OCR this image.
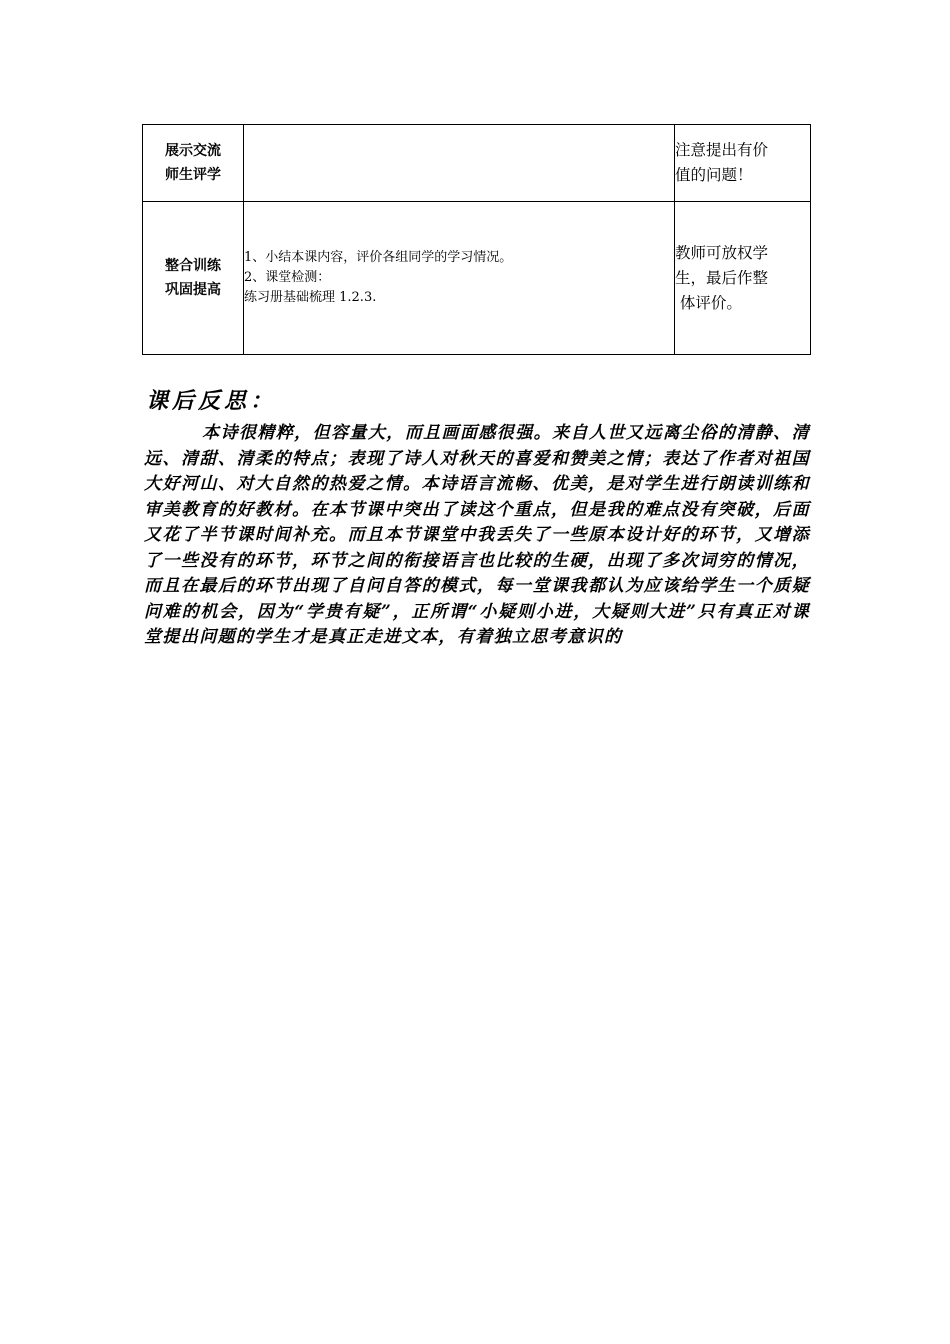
展示交流
师生评学		注意提出有价
值的问题！

整合训练
巩固提高	1、小结本课内容，评价各组同学的学习情况。
2、课堂检测：
练习册基础梳理 1.2.3.	教师可放权学
生，最后作整
体评价。
课后反思：
本诗很精粹，但容量大，而且画面感很强。来自人世又远离尘俗的清静、清远、清甜、清柔的特点；表现了诗人对秋天的喜爱和赞美之情；表达了作者对祖国大好河山、对大自然的热爱之情。本诗语言流畅、优美，是对学生进行朗读训练和审美教育的好教材。在本节课中突出了读这个重点，但是我的难点没有突破，后面又花了半节课时间补充。而且本节课堂中我丢失了一些原本设计好的环节，又增添了一些没有的环节，环节之间的衔接语言也比较的生硬，出现了多次词穷的情况，而且在最后的环节出现了自问自答的模式，每一堂课我都认为应该给学生一个质疑问难的机会，因为“学贵有疑”，正所谓“小疑则小进，大疑则大进”只有真正对课堂提出问题的学生才是真正走进文本，有着独立思考意识的
